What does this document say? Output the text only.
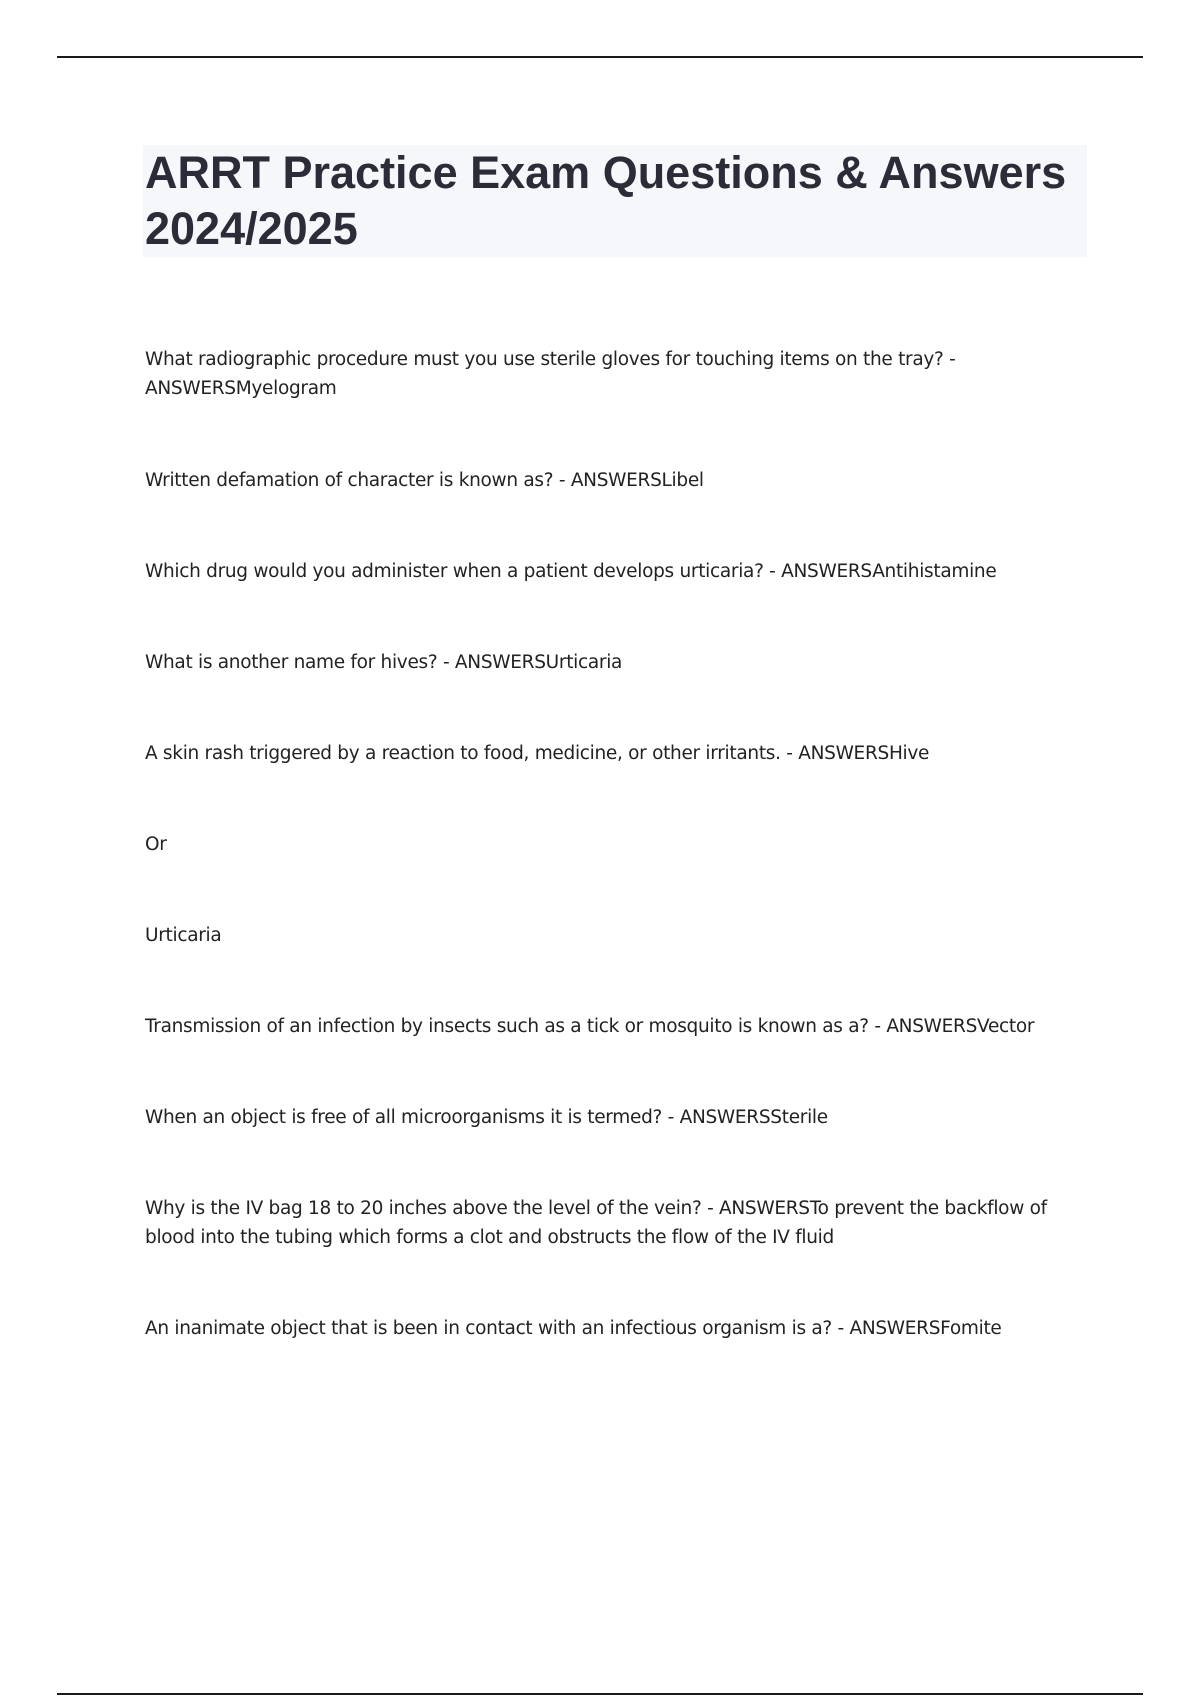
ARRT Practice Exam Questions & Answers 2024/2025

What radiographic procedure must you use sterile gloves for touching items on the tray? - ANSWERSMyelogram

Written defamation of character is known as? - ANSWERSLibel

Which drug would you administer when a patient develops urticaria? - ANSWERSAntihistamine

What is another name for hives? - ANSWERSUrticaria

A skin rash triggered by a reaction to food, medicine, or other irritants. - ANSWERSHive

Or

Urticaria

Transmission of an infection by insects such as a tick or mosquito is known as a? - ANSWERSVector

When an object is free of all microorganisms it is termed? - ANSWERSSterile

Why is the IV bag 18 to 20 inches above the level of the vein? - ANSWERSTo prevent the backflow of blood into the tubing which forms a clot and obstructs the flow of the IV fluid

An inanimate object that is been in contact with an infectious organism is a? - ANSWERSFomite
